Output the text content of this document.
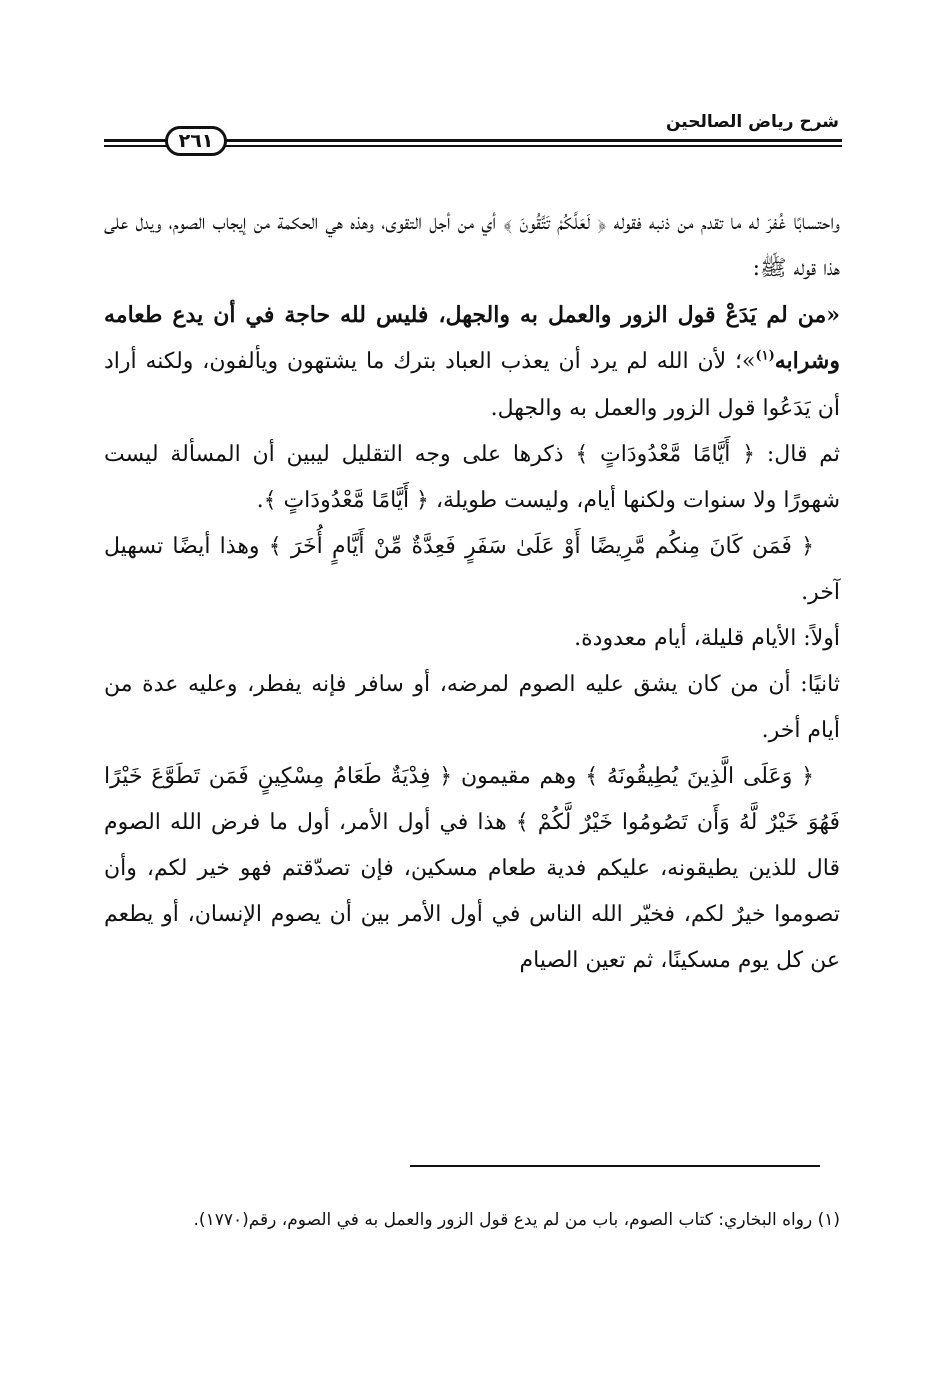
شرح رياض الصالحين
٢٦١

واحتسابًا غُفرَ له ما تقدم من ذنبه فقوله ﴿ لَعَلَّكُمْ تَتَّقُونَ ﴾ أي من أجل التقوى، وهذه هي الحكمة من إيجاب الصوم، ويدل على هذا قوله ﷺ:

«من لم يَدَعْ قول الزور والعمل به والجهل، فليس لله حاجة في أن يدع طعامه وشرابه$^{(١)}$»؛ لأن الله لم يرد أن يعذب العباد بترك ما يشتهون ويألفون، ولكنه أراد أن يَدَعُوا قول الزور والعمل به والجهل.

ثم قال: ﴿ أَيَّامًا مَّعْدُودَاتٍ ﴾ ذكرها على وجه التقليل ليبين أن المسألة ليست شهورًا ولا سنوات ولكنها أيام، وليست طويلة، ﴿ أَيَّامًا مَّعْدُودَاتٍ ﴾.

﴿ فَمَن كَانَ مِنكُم مَّرِيضًا أَوْ عَلَىٰ سَفَرٍ فَعِدَّةٌ مِّنْ أَيَّامٍ أُخَرَ ﴾ وهذا أيضًا تسهيل آخر.

أولاً: الأيام قليلة، أيام معدودة.

ثانيًا: أن من كان يشق عليه الصوم لمرضه، أو سافر فإنه يفطر، وعليه عدة من أيام أخر.

﴿ وَعَلَى الَّذِينَ يُطِيقُونَهُ ﴾ وهم مقيمون ﴿ فِدْيَةٌ طَعَامُ مِسْكِينٍ فَمَن تَطَوَّعَ خَيْرًا فَهُوَ خَيْرٌ لَّهُ وَأَن تَصُومُوا خَيْرٌ لَّكُمْ ﴾ هذا في أول الأمر، أول ما فرض الله الصوم قال للذين يطيقونه، عليكم فدية طعام مسكين، فإن تصدّقتم فهو خير لكم، وأن تصوموا خيرٌ لكم، فخيّر الله الناس في أول الأمر بين أن يصوم الإنسان، أو يطعم عن كل يوم مسكينًا، ثم تعين الصيام

(١) رواه البخاري: كتاب الصوم، باب من لم يدع قول الزور والعمل به في الصوم، رقم(١٧٧٠).
